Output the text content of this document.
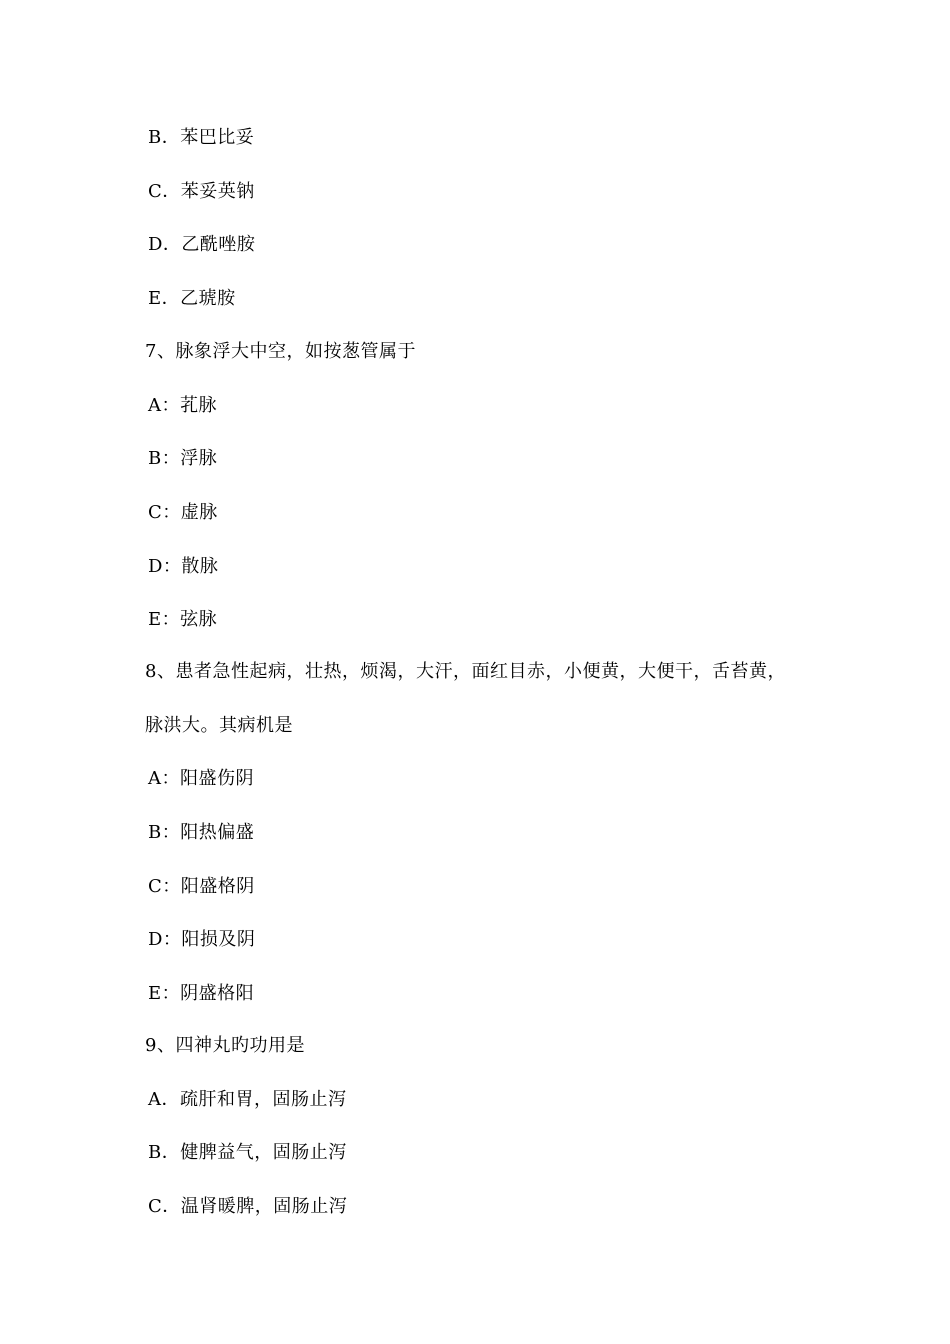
B．苯巴比妥
C．苯妥英钠
D．乙酰唑胺
E．乙琥胺
7、脉象浮大中空，如按葱管属于
A：芤脉
B：浮脉
C：虚脉
D：散脉
E：弦脉
8、患者急性起病，壮热，烦渴，大汗，面红目赤，小便黄，大便干，舌苔黄，
脉洪大。其病机是
A：阳盛伤阴
B：阳热偏盛
C：阳盛格阴
D：阳损及阴
E：阴盛格阳
9、四神丸旳功用是
A．疏肝和胃，固肠止泻
B．健脾益气，固肠止泻
C．温肾暖脾，固肠止泻
